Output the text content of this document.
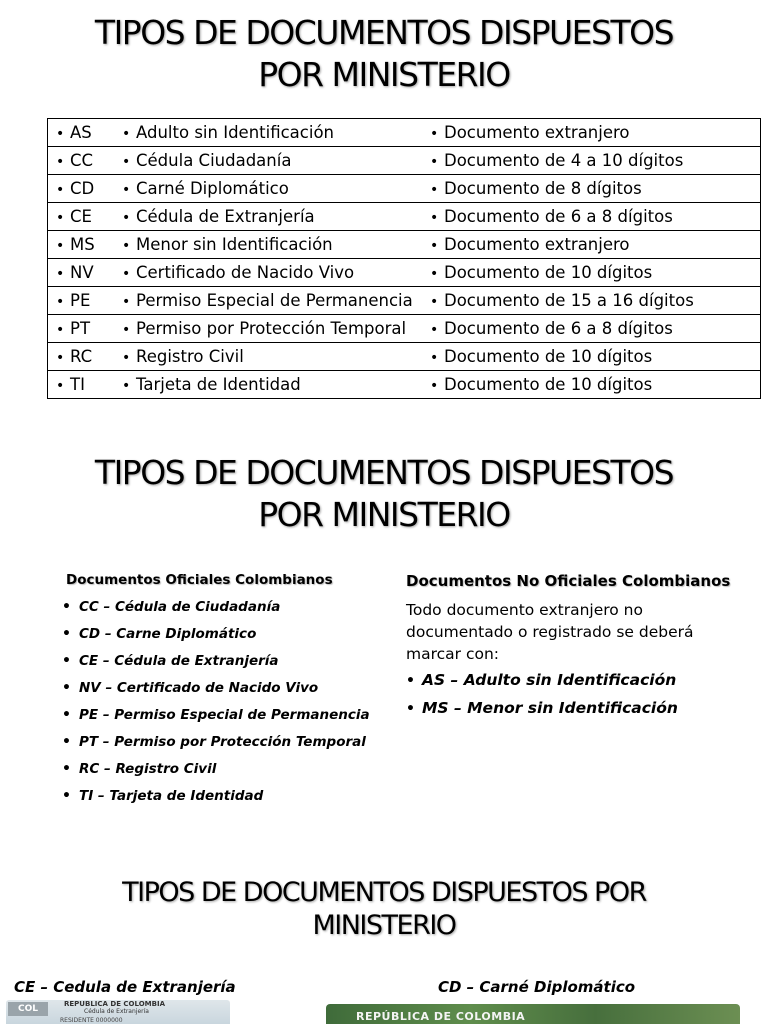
TIPOS DE DOCUMENTOS DISPUESTOS POR MINISTERIO
• AS	• Adulto sin Identificación	• Documento extranjero
• CC	• Cédula Ciudadanía	• Documento de 4 a 10 dígitos
• CD	• Carné Diplomático	• Documento de 8 dígitos
• CE	• Cédula de Extranjería	• Documento de 6 a 8 dígitos
• MS	• Menor sin Identificación	• Documento extranjero
• NV	• Certificado de Nacido Vivo	• Documento de 10 dígitos
• PE	• Permiso Especial de Permanencia	• Documento de 15 a 16 dígitos
• PT	• Permiso por Protección Temporal	• Documento de 6 a 8 dígitos
• RC	• Registro Civil	• Documento de 10 dígitos
• TI	• Tarjeta de Identidad	• Documento de 10 dígitos
TIPOS DE DOCUMENTOS DISPUESTOS POR MINISTERIO
Documentos Oficiales Colombianos
• CC – Cédula de Ciudadanía
• CD – Carne Diplomático
• CE – Cédula de Extranjería
• NV – Certificado de Nacido Vivo
• PE – Permiso Especial de Permanencia
• PT – Permiso por Protección Temporal
• RC – Registro Civil
• TI – Tarjeta de Identidad
Documentos No Oficiales Colombianos
Todo documento extranjero no documentado o registrado se deberá marcar con:
• AS – Adulto sin Identificación
• MS – Menor sin Identificación
TIPOS DE DOCUMENTOS DISPUESTOS POR MINISTERIO
CE – Cedula de Extranjería	CD – Carné Diplomático
COL	REPUBLICA DE COLOMBIA
Cédula de Extranjería
RESIDENTE 0000000	REPÚBLICA DE COLOMBIA
